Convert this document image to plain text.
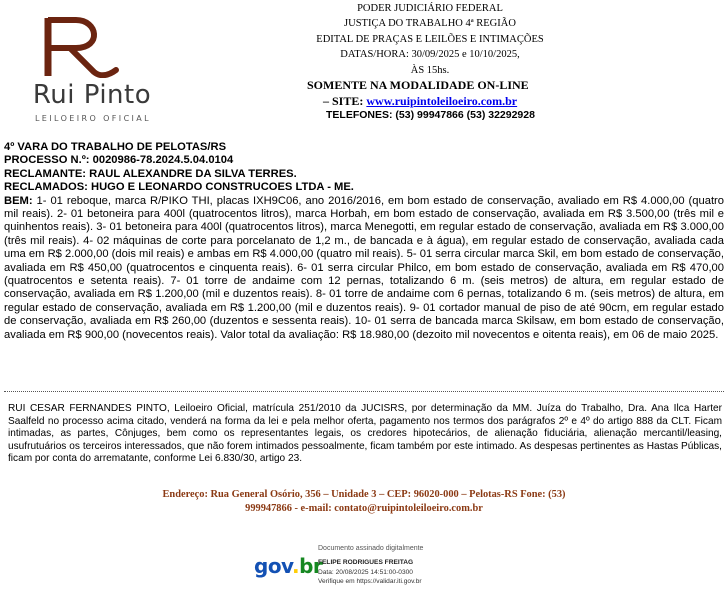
Rui Pinto
LEILOEIRO OFICIAL
PODER JUDICIÁRIO FEDERAL
JUSTIÇA DO TRABALHO 4ª REGIÃO
EDITAL DE PRAÇAS E LEILÕES E INTIMAÇÕES
DATAS/HORA: 30/09/2025 e 10/10/2025,
ÀS 15hs.
SOMENTE NA MODALIDADE ON-LINE
– SITE: www.ruipintoleiloeiro.com.br
TELEFONES: (53) 99947866 (53) 32292928
4º VARA DO TRABALHO DE PELOTAS/RS
PROCESSO N.º: 0020986-78.2024.5.04.0104
RECLAMANTE: RAUL ALEXANDRE DA SILVA TERRES.
RECLAMADOS: HUGO E LEONARDO CONSTRUCOES LTDA - ME.
BEM: 1- 01 reboque, marca R/PIKO THI, placas IXH9C06, ano 2016/2016, em bom estado de conservação, avaliado em R$ 4.000,00 (quatro mil reais). 2- 01 betoneira para 400l (quatrocentos litros), marca Horbah, em bom estado de conservação, avaliada em R$ 3.500,00 (três mil e quinhentos reais). 3- 01 betoneira para 400l (quatrocentos litros), marca Menegotti, em regular estado de conservação, avaliada em R$ 3.000,00 (três mil reais). 4- 02 máquinas de corte para porcelanato de 1,2 m., de bancada e à água), em regular estado de conservação, avaliada cada uma em R$ 2.000,00 (dois mil reais) e ambas em R$ 4.000,00 (quatro mil reais). 5- 01 serra circular marca Skil, em bom estado de conservação, avaliada em R$ 450,00 (quatrocentos e cinquenta reais). 6- 01 serra circular Philco, em bom estado de conservação, avaliada em R$ 470,00 (quatrocentos e setenta reais). 7- 01 torre de andaime com 12 pernas, totalizando 6 m. (seis metros) de altura, em regular estado de conservação, avaliada em R$ 1.200,00 (mil e duzentos reais). 8- 01 torre de andaime com 6 pernas, totalizando 6 m. (seis metros) de altura, em regular estado de conservação, avaliada em R$ 1.200,00 (mil e duzentos reais). 9- 01 cortador manual de piso de até 90cm, em regular estado de conservação, avaliada em R$ 260,00 (duzentos e sessenta reais). 10- 01 serra de bancada marca Skilsaw, em bom estado de conservação, avaliada em R$ 900,00 (novecentos reais). Valor total da avaliação: R$ 18.980,00 (dezoito mil novecentos e oitenta reais), em 06 de maio 2025.
RUI CESAR FERNANDES PINTO, Leiloeiro Oficial, matrícula 251/2010 da JUCISRS, por determinação da MM. Juíza do Trabalho, Dra. Ana Ilca Harter Saalfeld no processo acima citado, venderá na forma da lei e pela melhor oferta, pagamento nos termos dos parágrafos 2º e 4º do artigo 888 da CLT. Ficam intimadas, as partes, Cônjuges, bem como os representantes legais, os credores hipotecários, de alienação fiduciária, alienação mercantil/leasing, usufrutuários os terceiros interessados, que não forem intimados pessoalmente, ficam também por este intimado. As despesas pertinentes as Hastas Públicas, ficam por conta do arrematante, conforme Lei 6.830/30, artigo 23.
Endereço: Rua General Osório, 356 – Unidade 3 – CEP: 96020-000 – Pelotas-RS Fone: (53)
999947866 - e-mail: contato@ruipintoleiloeiro.com.br
gov.br
Documento assinado digitalmente
FELIPE RODRIGUES FREITAG
Data: 20/08/2025 14:51:00-0300
Verifique em https://validar.iti.gov.br
